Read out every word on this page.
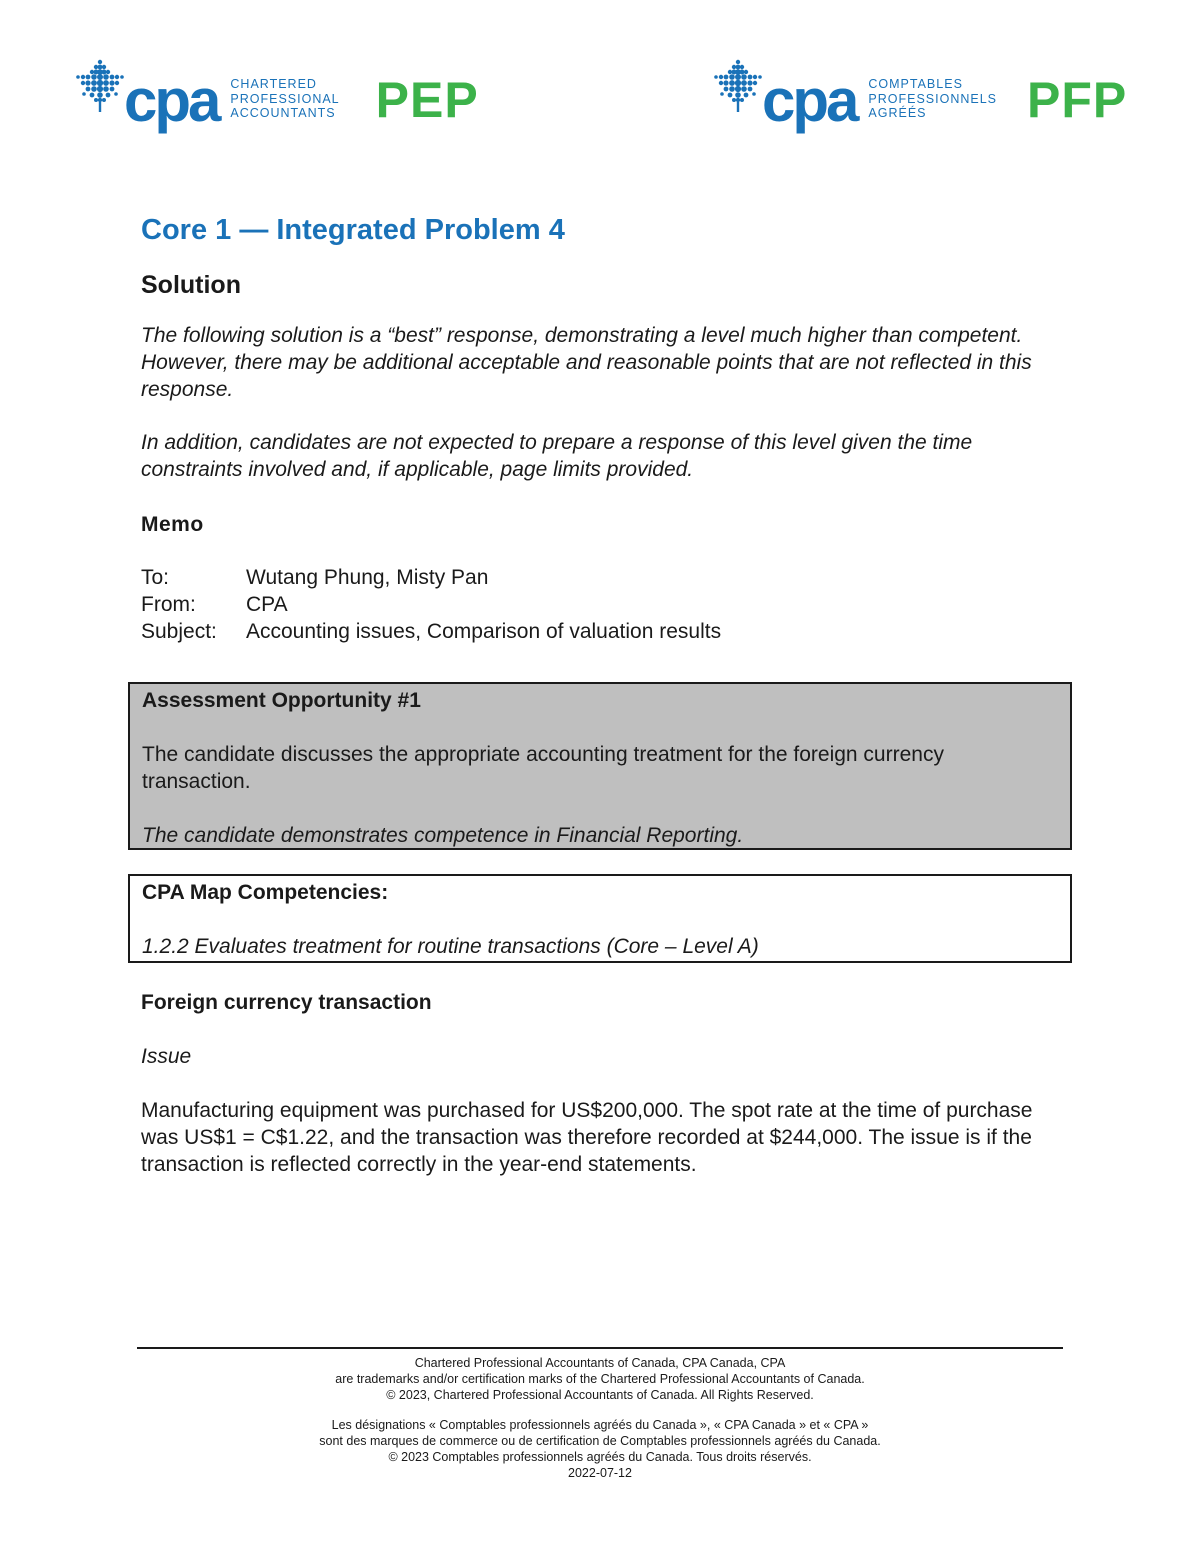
cpa CHARTERED
PROFESSIONAL
ACCOUNTANTS PEP	cpa COMPTABLES
PROFESSIONNELS
AGRÉÉS	PFP
Core 1 — Integrated Problem 4
Solution

The following solution is a “best” response, demonstrating a level much higher than competent. However, there may be additional acceptable and reasonable points that are not reflected in this response.

In addition, candidates are not expected to prepare a response of this level given the time constraints involved and, if applicable, page limits provided.

Memo

To:	Wutang Phung, Misty Pan
From:	CPA
Subject:	Accounting issues, Comparison of valuation results

Assessment Opportunity #1

The candidate discusses the appropriate accounting treatment for the foreign currency transaction.

The candidate demonstrates competence in Financial Reporting.

CPA Map Competencies:

1.2.2 Evaluates treatment for routine transactions (Core – Level A)

Foreign currency transaction

Issue

Manufacturing equipment was purchased for US$200,000. The spot rate at the time of purchase was US$1 = C$1.22, and the transaction was therefore recorded at $244,000. The issue is if the transaction is reflected correctly in the year-end statements.

Chartered Professional Accountants of Canada, CPA Canada, CPA

are trademarks and/or certification marks of the Chartered Professional Accountants of Canada.

© 2023, Chartered Professional Accountants of Canada. All Rights Reserved.

Les désignations « Comptables professionnels agréés du Canada », « CPA Canada » et « CPA »

sont des marques de commerce ou de certification de Comptables professionnels agréés du Canada.

© 2023 Comptables professionnels agréés du Canada. Tous droits réservés.

2022-07-12
